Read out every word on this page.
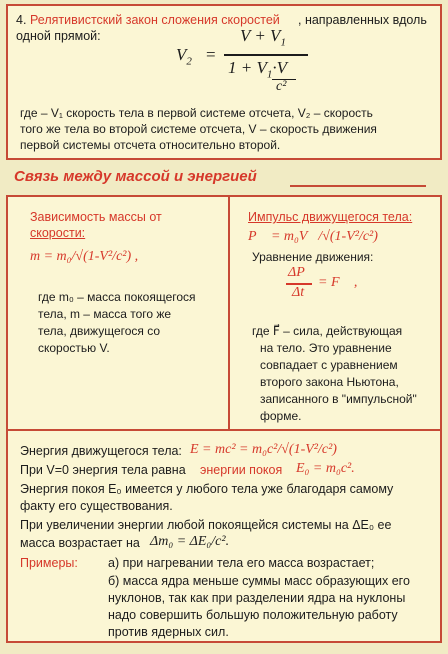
4. Релятивистский закон сложения скоростей , направленных вдоль
одной прямой:
$V_2$ =
$V + V_1$
$1 + V_1\cdot V$
c²
где – V₁ скорость тела в первой системе отсчета, V₂ – скорость
того же тела во второй системе отсчета, V – скорость движения
первой системы отсчета относительно второй.
Связь между массой и энергией
Зависимость массы от
скорости:
m = m₀/√(1-V²/c²) ,
где m₀ – масса покоящегося
тела, m – масса того же
тела, движущегося со
скоростью V.
Импульс движущегося тела:
P⃗ = m₀V⃗/√(1-V²/c²)
Уравнение движения:
ΔP⃗
Δt
= F⃗ ,
где F⃗ – сила, действующая
на тело. Это уравнение
совпадает с уравнением
второго закона Ньютона,
записанного в "импульсной"
форме.
Энергия движущегося тела: E = mc² = m₀c²/√(1-V²/c²)
При V=0 энергия тела равна энергии покоя E₀ = m₀c².
Энергия покоя E₀ имеется у любого тела уже благодаря самому
факту его существования.
При увеличении энергии любой покоящейся системы на ΔE₀ ее
масса возрастает на Δm₀ = ΔE₀/c².
Примеры: а) при нагревании тела его масса возрастает;
б) масса ядра меньше суммы масс образующих его
нуклонов, так как при разделении ядра на нуклоны
надо совершить большую положительную работу
против ядерных сил.
